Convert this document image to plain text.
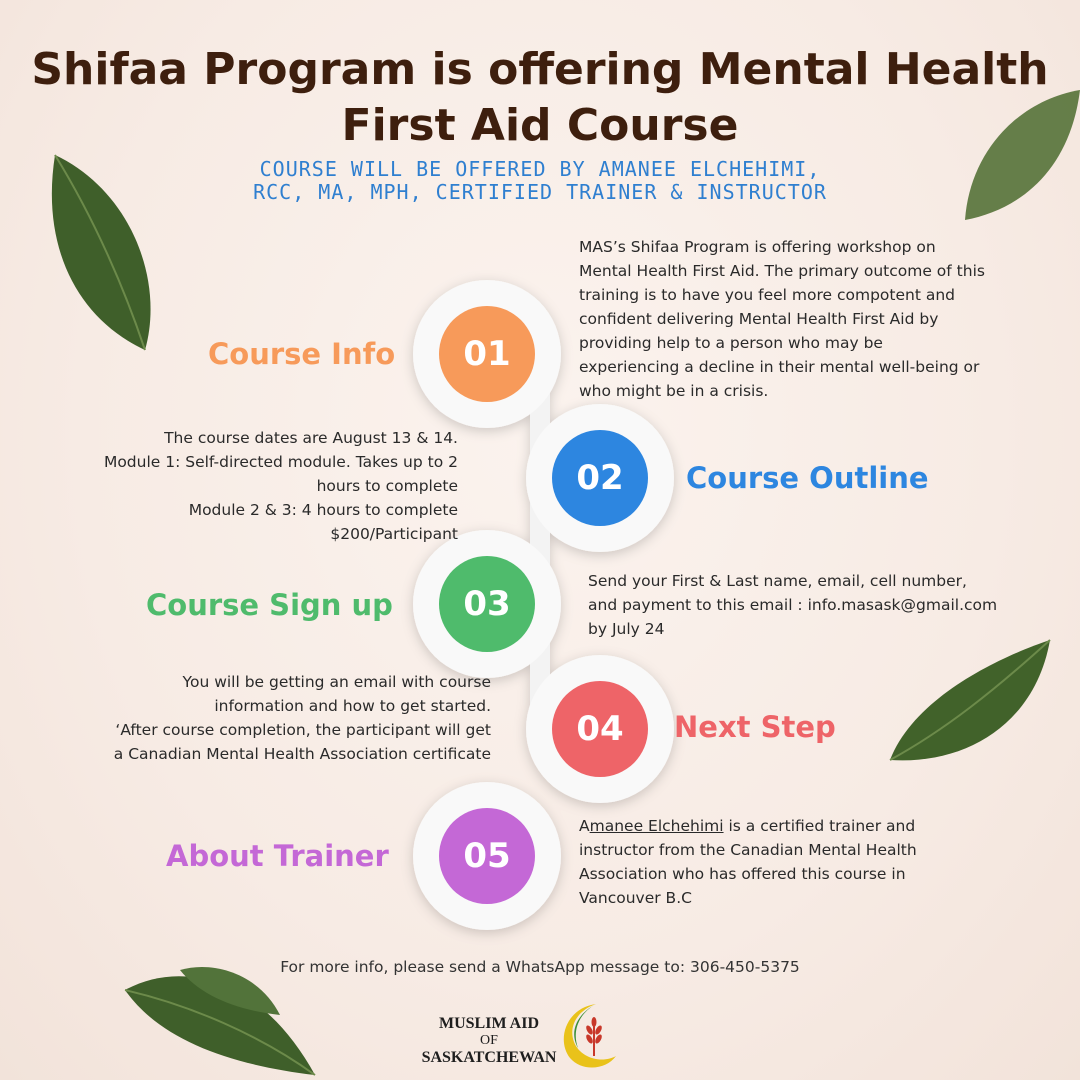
Shifaa Program is offering Mental Health
First Aid Course
COURSE WILL BE OFFERED BY AMANEE ELCHEHIMI,
RCC, MA, MPH, CERTIFIED TRAINER & INSTRUCTOR
01
Course Info
MAS’s Shifaa Program is offering workshop on
Mental Health First Aid. The primary outcome of this
training is to have you feel more compotent and
confident delivering Mental Health First Aid by
providing help to a person who may be
experiencing a decline in their mental well-being or
who might be in a crisis.
02 Course Outline
The course dates are August 13 & 14.
Module 1: Self-directed module. Takes up to 2
hours to complete
Module 2 & 3: 4 hours to complete
$200/Participant
03
Course Sign up
Send your First & Last name, email, cell number,
and payment to this email : info.masask@gmail.com
by July 24
04 Next Step
You will be getting an email with course
information and how to get started.
‘After course completion, the participant will get
a Canadian Mental Health Association certificate
05
About Trainer
Amanee Elchehimi is a certified trainer and
instructor from the Canadian Mental Health
Association who has offered this course in
Vancouver B.C
For more info, please send a WhatsApp message to: 306-450-5375
MUSLIM AID
OF
SASKATCHEWAN
